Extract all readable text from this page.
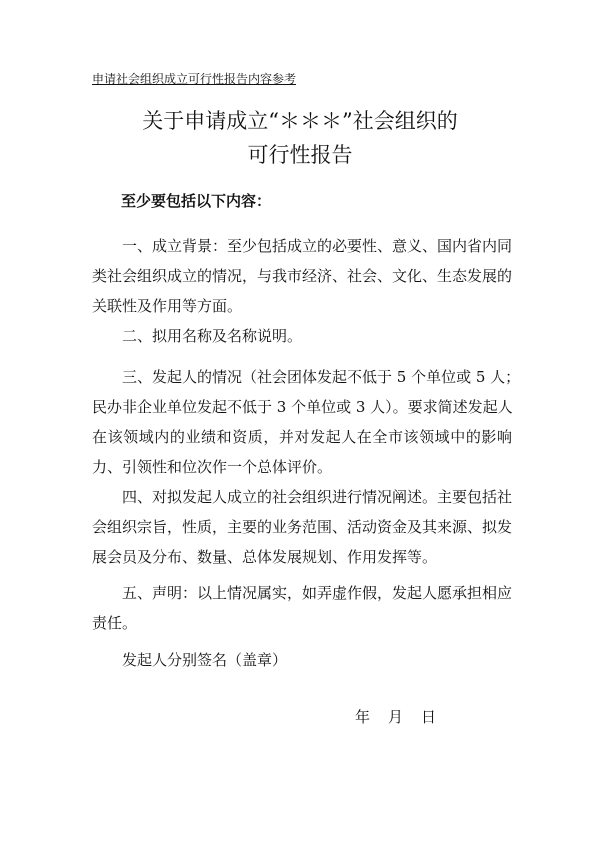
申请社会组织成立可行性报告内容参考
关于申请成立“＊＊＊”社会组织的
可行性报告
至少要包括以下内容：
一、成立背景：至少包括成立的必要性、意义、国内省内同
类社会组织成立的情况，与我市经济、社会、文化、生态发展的
关联性及作用等方面。
二、拟用名称及名称说明。
三、发起人的情况（社会团体发起不低于 5 个单位或 5 人；
民办非企业单位发起不低于 3 个单位或 3 人）。要求简述发起人
在该领域内的业绩和资质，并对发起人在全市该领域中的影响
力、引领性和位次作一个总体评价。
四、对拟发起人成立的社会组织进行情况阐述。主要包括社
会组织宗旨，性质，主要的业务范围、活动资金及其来源、拟发
展会员及分布、数量、总体发展规划、作用发挥等。
五、声明：以上情况属实，如弄虚作假，发起人愿承担相应
责任。
发起人分别签名（盖章）
年 月 日
